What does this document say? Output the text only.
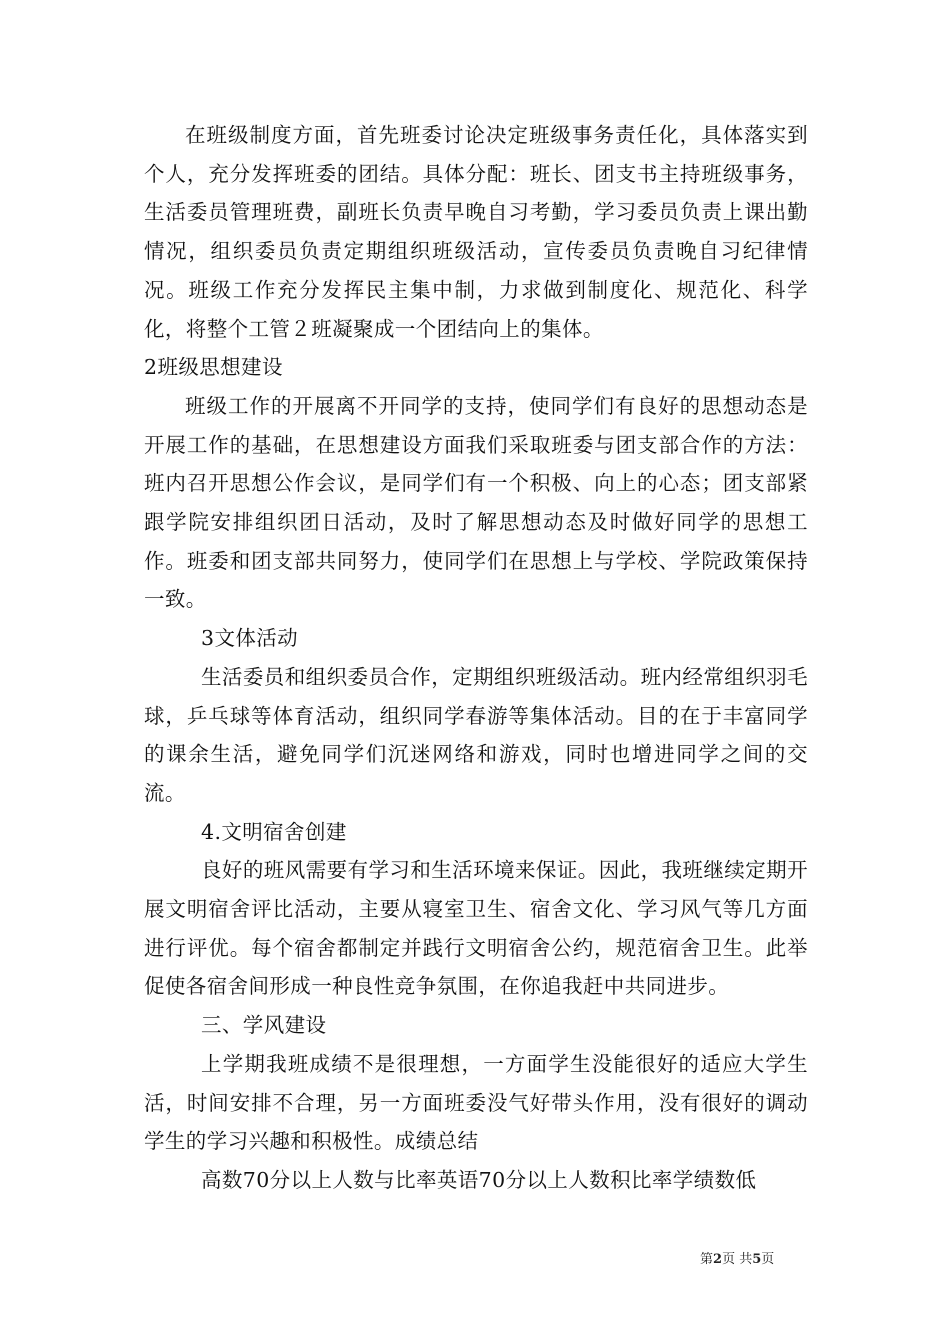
在班级制度方面，首先班委讨论决定班级事务责任化，具体落实到个人，充分发挥班委的团结。具体分配：班长、团支书主持班级事务，生活委员管理班费，副班长负责早晚自习考勤，学习委员负责上课出勤情况，组织委员负责定期组织班级活动，宣传委员负责晚自习纪律情况。班级工作充分发挥民主集中制，力求做到制度化、规范化、科学化，将整个工管２班凝聚成一个团结向上的集体。

2班级思想建设

班级工作的开展离不开同学的支持，使同学们有良好的思想动态是开展工作的基础，在思想建设方面我们采取班委与团支部合作的方法：班内召开思想公作会议，是同学们有一个积极、向上的心态；团支部紧跟学院安排组织团日活动，及时了解思想动态及时做好同学的思想工作。班委和团支部共同努力，使同学们在思想上与学校、学院政策保持一致。

3文体活动

生活委员和组织委员合作，定期组织班级活动。班内经常组织羽毛球，乒乓球等体育活动，组织同学春游等集体活动。目的在于丰富同学的课余生活，避免同学们沉迷网络和游戏，同时也增进同学之间的交流。

4.文明宿舍创建

良好的班风需要有学习和生活环境来保证。因此，我班继续定期开展文明宿舍评比活动，主要从寝室卫生、宿舍文化、学习风气等几方面进行评优。每个宿舍都制定并践行文明宿舍公约，规范宿舍卫生。此举促使各宿舍间形成一种良性竞争氛围，在你追我赶中共同进步。

三、学风建设

上学期我班成绩不是很理想，一方面学生没能很好的适应大学生活，时间安排不合理，另一方面班委没气好带头作用，没有很好的调动学生的学习兴趣和积极性。成绩总结

高数70分以上人数与比率英语70分以上人数积比率学绩数低

第2页 共5页
